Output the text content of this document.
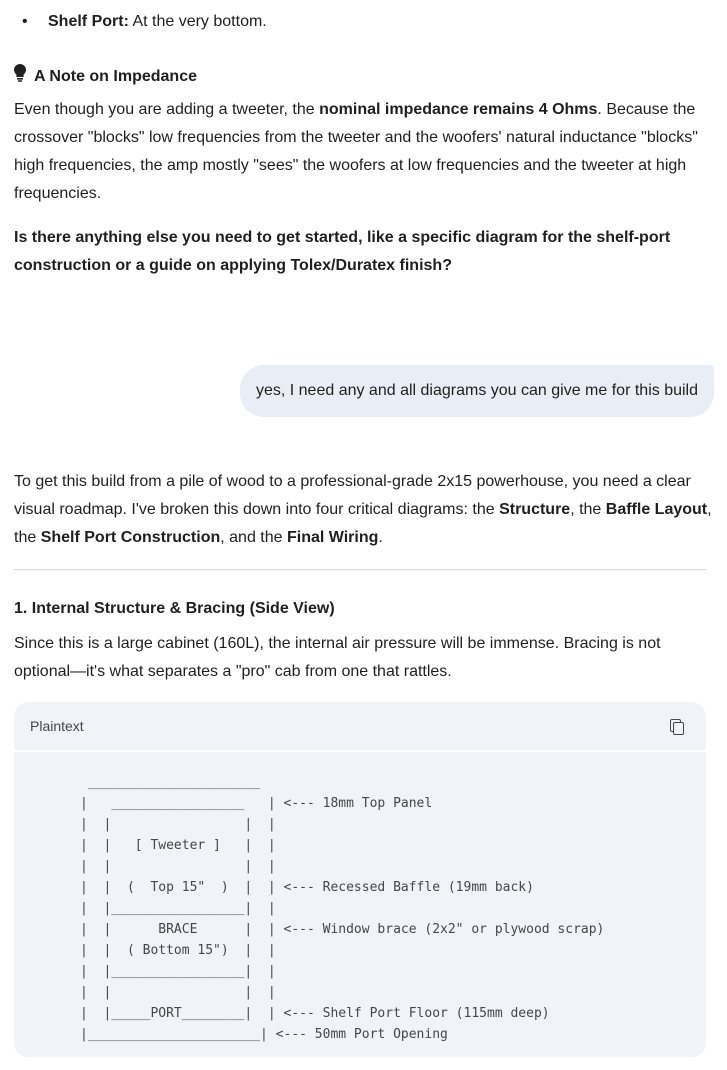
• Shelf Port: At the very bottom.
A Note on Impedance

Even though you are adding a tweeter, the nominal impedance remains 4 Ohms. Because the crossover "blocks" low frequencies from the tweeter and the woofers' natural inductance "blocks" high frequencies, the amp mostly "sees" the woofers at low frequencies and the tweeter at high frequencies.

Is there anything else you need to get started, like a specific diagram for the shelf-port construction or a guide on applying Tolex/Duratex finish?

yes, I need any and all diagrams you can give me for this build

To get this build from a pile of wood to a professional-grade 2x15 powerhouse, you need a clear visual roadmap. I've broken this down into four critical diagrams: the Structure, the Baffle Layout, the Shelf Port Construction, and the Final Wiring.

1. Internal Structure & Bracing (Side View)

Since this is a large cabinet (160L), the internal air pressure will be immense. Bracing is not optional—it's what separates a "pro" cab from one that rattles.

Plaintext
______________________
|   _________________   | <--- 18mm Top Panel
|  |                 |  |
|  |   [ Tweeter ]   |  |
|  |                 |  |
|  |  (  Top 15"  )  |  | <--- Recessed Baffle (19mm back)
|  |_________________|  |
|  |      BRACE      |  | <--- Window brace (2x2" or plywood scrap)
|  |  ( Bottom 15")  |  |
|  |_________________|  |
|  |                 |  |
|  |_____PORT________|  | <--- Shelf Port Floor (115mm deep)
|______________________| <--- 50mm Port Opening
